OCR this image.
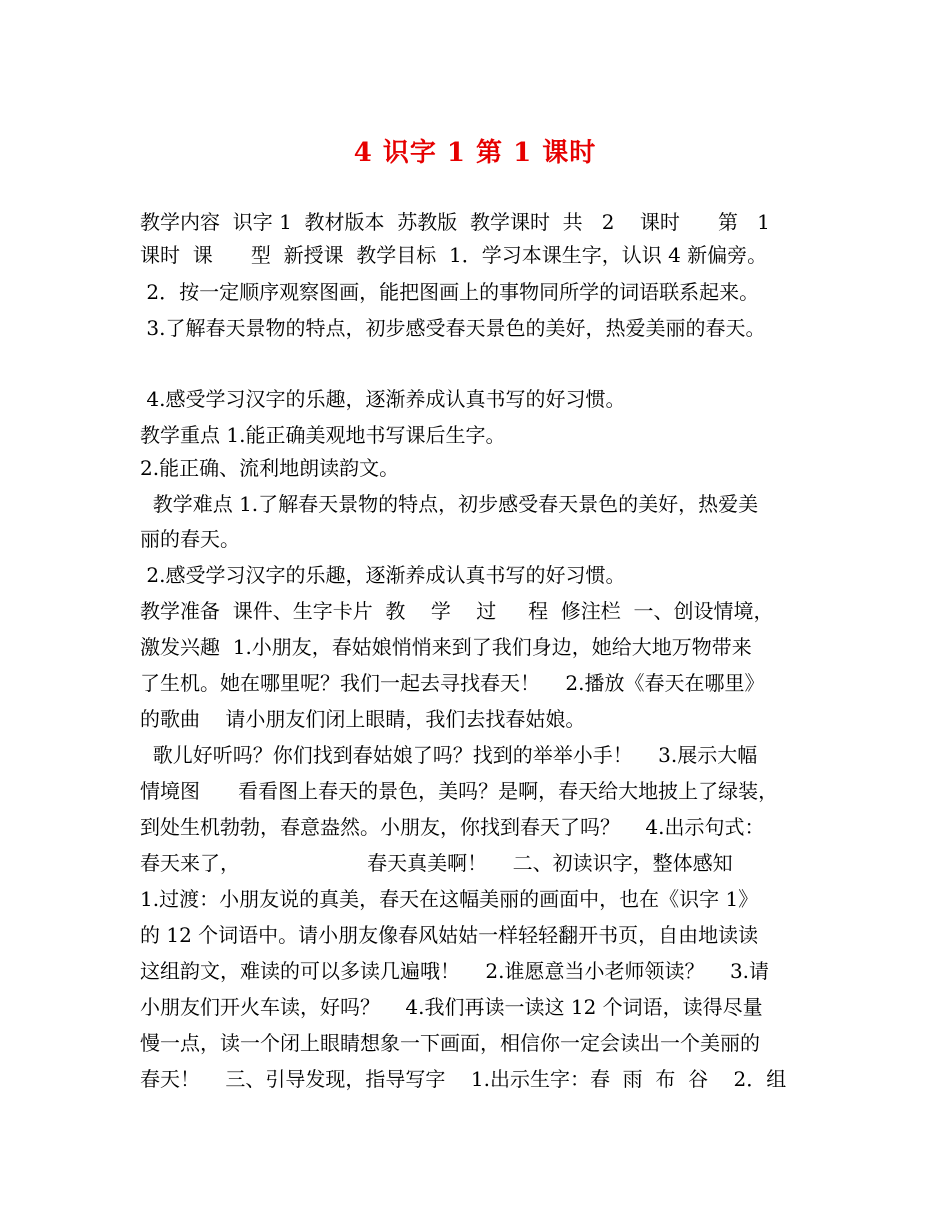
4 识字 1 第 1 课时
教学内容  识字 1  教材版本  苏教版  教学课时  共   2    课时      第   1
课时  课      型  新授课  教学目标  1．学习本课生字，认识 4 新偏旁。
2．按一定顺序观察图画，能把图画上的事物同所学的词语联系起来。
3.了解春天景物的特点，初步感受春天景色的美好，热爱美丽的春天。
4.感受学习汉字的乐趣，逐渐养成认真书写的好习惯。
教学重点 1.能正确美观地书写课后生字。
2.能正确、流利地朗读韵文。
教学难点 1.了解春天景物的特点，初步感受春天景色的美好，热爱美
丽的春天。
2.感受学习汉字的乐趣，逐渐养成认真书写的好习惯。
教学准备  课件、生字卡片  教    学    过     程  修注栏  一、创设情境，
激发兴趣  1.小朋友，春姑娘悄悄来到了我们身边，她给大地万物带来
了生机。她在哪里呢？我们一起去寻找春天！    2.播放《春天在哪里》
的歌曲    请小朋友们闭上眼睛，我们去找春姑娘。
歌儿好听吗？你们找到春姑娘了吗？找到的举举小手！    3.展示大幅
情境图      看看图上春天的景色，美吗？是啊，春天给大地披上了绿装，
到处生机勃勃，春意盎然。小朋友，你找到春天了吗？    4.出示句式：
春天来了，                    春天真美啊！    二、初读识字，整体感知
1.过渡：小朋友说的真美，春天在这幅美丽的画面中，也在《识字 1》
的 12 个词语中。请小朋友像春风姑姑一样轻轻翻开书页，自由地读读
这组韵文，难读的可以多读几遍哦！    2.谁愿意当小老师领读？    3.请
小朋友们开火车读，好吗？    4.我们再读一读这 12 个词语，读得尽量
慢一点，读一个闭上眼睛想象一下画面，相信你一定会读出一个美丽的
春天！    三、引导发现，指导写字    1.出示生字：春  雨  布  谷    2．组
